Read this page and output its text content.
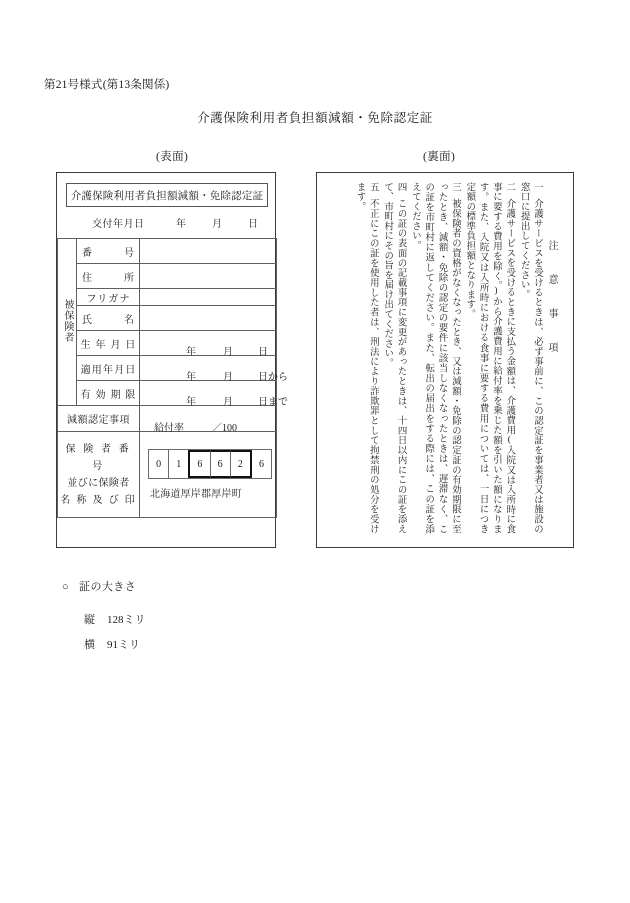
第21号様式(第13条関係)
介護保険利用者負担額減額・免除認定証
(表面)	(裏面)
介護保険利用者負担額減額・免除認定証
交付年月日	年	月	日
被保険者	番　　号	
	住　　所	
	フリガナ	
	氏　　名	
	生 年 月 日	年 月 日

	適用年月日	年 月 日から

	有 効 期 限	年 月 日まで

減額認定事項		給付率 ／100

保 険 者 番 号
並びに保険者
名 称 及 び 印

0	1	6	6	2	6
北海道厚岸郡厚岸町
注　意　事　項
一介護サービスを受けるときは、必ず事前に、この認定証を事業者又は施設の窓口に提出してください。
二介護サービスを受けるときに支払う金額は、介護費用(入院又は入所時に食事に要する費用を除く。)から介護費用に給付率を乗じた額を引いた額になります。また、入院又は入所時における食事に要する費用については、一日につき定額の標準負担額となります。
三被保険者の資格がなくなったとき、又は減額・免除の認定証の有効期限に至ったとき、減額・免除の認定の要件に該当しなくなったときは、遅滞なく、この証を市町村に返してください。また、転出の届出をする際には、この証を添えてください。
四この証の表面の記載事項に変更があったときは、十四日以内にこの証を添えて、市町村にその旨を届け出てください。
五不正にこの証を使用した者は、刑法により詐欺罪として拘禁刑の処分を受けます。
○ 証の大きさ
縦 128ミリ
横 91ミリ
